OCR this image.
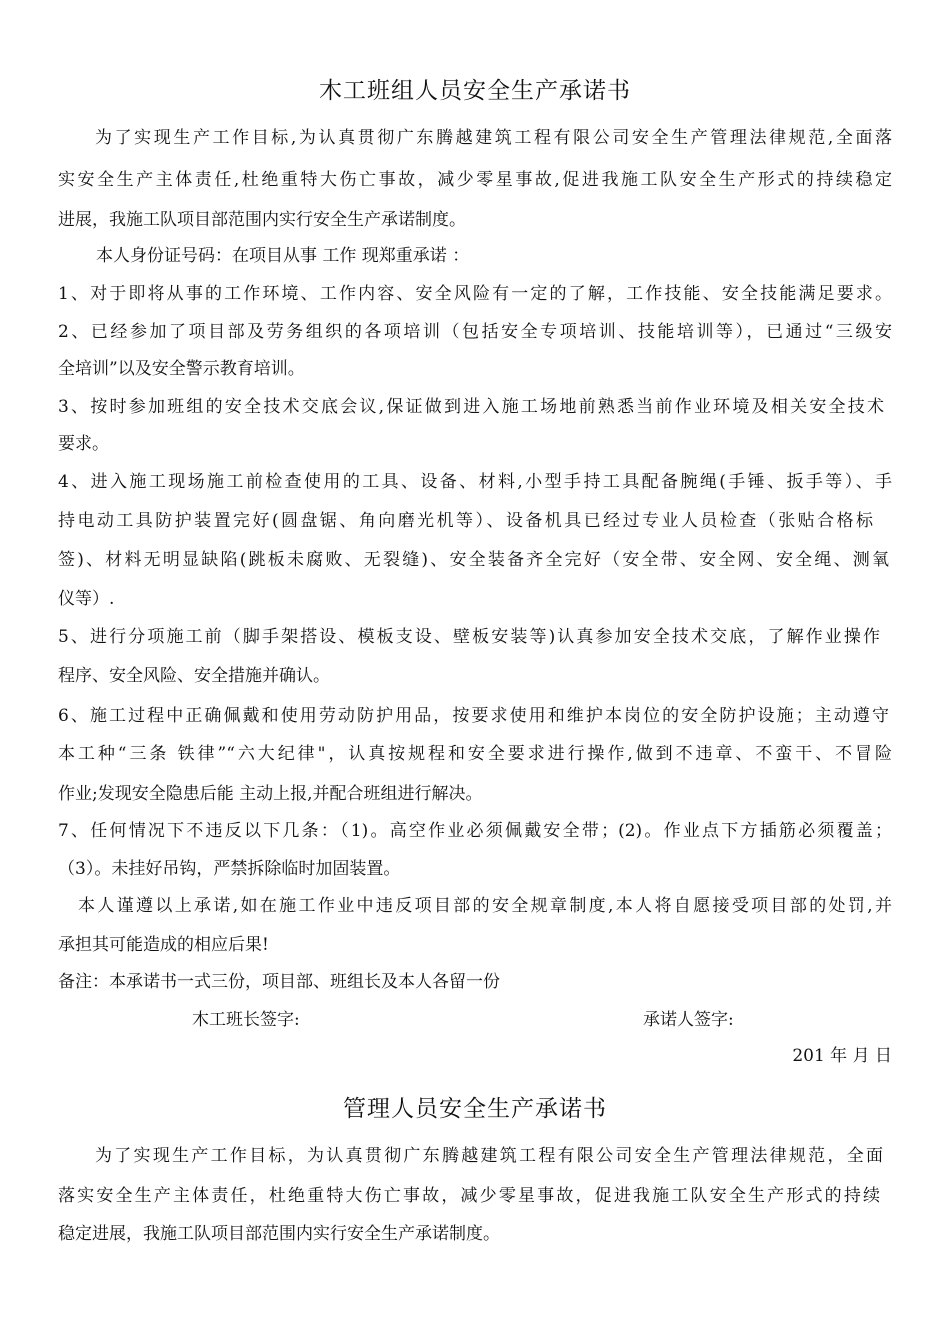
木工班组人员安全生产承诺书
为了实现生产工作目标,为认真贯彻广东腾越建筑工程有限公司安全生产管理法律规范,全面落
实安全生产主体责任,杜绝重特大伤亡事故，减少零星事故,促进我施工队安全生产形式的持续稳定
进展，我施工队项目部范围内实行安全生产承诺制度。
本人身份证号码：在项目从事 工作 现郑重承诺 ：
1、对于即将从事的工作环境、工作内容、安全风险有一定的了解，工作技能、安全技能满足要求。
2、已经参加了项目部及劳务组织的各项培训（包括安全专项培训、技能培训等），已通过“三级安
全培训”以及安全警示教育培训。
3、按时参加班组的安全技术交底会议,保证做到进入施工场地前熟悉当前作业环境及相关安全技术
要求。
4、进入施工现场施工前检查使用的工具、设备、材料,小型手持工具配备腕绳(手锤、扳手等）、手
持电动工具防护装置完好(圆盘锯、角向磨光机等）、设备机具已经过专业人员检查（张贴合格标
签)、材料无明显缺陷(跳板未腐败、无裂缝)、安全装备齐全完好（安全带、安全网、安全绳、测氧
仪等）.
5、进行分项施工前（脚手架搭设、模板支设、壁板安装等)认真参加安全技术交底，了解作业操作
程序、安全风险、安全措施并确认。
6、施工过程中正确佩戴和使用劳动防护用品，按要求使用和维护本岗位的安全防护设施；主动遵守
本工种“三条 铁律”“六大纪律"，认真按规程和安全要求进行操作,做到不违章、不蛮干、不冒险
作业;发现安全隐患后能 主动上报,并配合班组进行解决。
7、任何情况下不违反以下几条：（1)。高空作业必须佩戴安全带；(2)。作业点下方插筋必须覆盖；
（3）。未挂好吊钩，严禁拆除临时加固装置。
本人谨遵以上承诺,如在施工作业中违反项目部的安全规章制度,本人将自愿接受项目部的处罚,并
承担其可能造成的相应后果!
备注：本承诺书一式三份，项目部、班组长及本人各留一份
木工班长签字:	承诺人签字:
201 年 月 日
管理人员安全生产承诺书
为了实现生产工作目标，为认真贯彻广东腾越建筑工程有限公司安全生产管理法律规范，全面
落实安全生产主体责任，杜绝重特大伤亡事故，减少零星事故，促进我施工队安全生产形式的持续
稳定进展，我施工队项目部范围内实行安全生产承诺制度。
